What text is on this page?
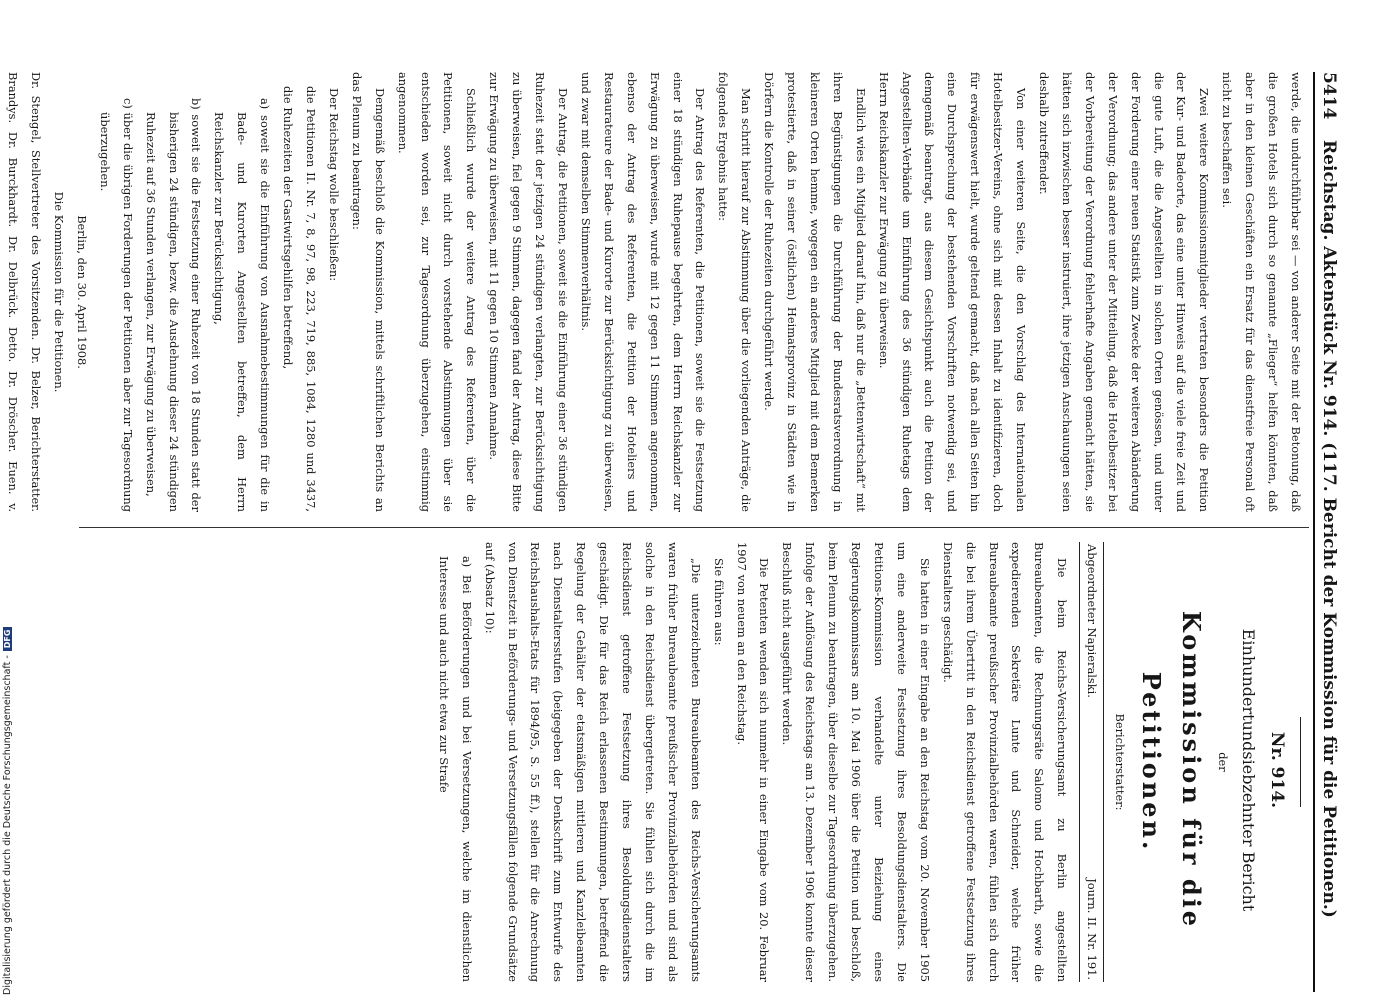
5414
Reichstag. Aktenstück Nr. 914. (117. Bericht der Kommission für die Petitionen.)

werde, die undurchführbar sei — von anderer Seite mit der Betonung, daß die großen Hotels sich durch so genannte „Flieger“ helfen könnten, daß aber in den kleinen Geschäften ein Ersatz für das dienstfreie Personal oft nicht zu beschaffen sei.

Zwei weitere Kommissionsmitglieder vertraten besonders die Petition der Kur- und Badeorte, das eine unter Hinweis auf die viele freie Zeit und die gute Luft, die die Angestellten in solchen Orten genössen, und unter der Forderung einer neuen Statistik zum Zwecke der weiteren Abänderung der Verordnung; das andere unter der Mitteilung, daß die Hotelbesitzer bei der Vorbereitung der Verordnung fehlerhafte Angaben gemacht hätten, sie hätten sich inzwischen besser instruiert, ihre jetzigen Anschauungen seien deshalb zutreffender.

Von einer weiteren Seite, die den Vorschlag des Internationalen Hotelbesitzer-Vereins, ohne sich mit dessen Inhalt zu identifizieren, doch für erwägenswert hielt, wurde geltend gemacht, daß nach allen Seiten hin eine Durchsprechung der bestehenden Vorschriften notwendig sei, und demgemäß beantragt, aus diesem Gesichtspunkt auch die Petition der Angestellten-Verbände um Einführung des 36 stündigen Ruhetags dem Herrn Reichskanzler zur Erwägung zu überweisen.

Endlich wies ein Mitglied darauf hin, daß nur die „Bettenwirtschaft“ mit ihren Begünstigungen die Durchführung der Bundesratsverordnung in kleineren Orten hemme, wogegen ein anderes Mitglied mit dem Bemerken protestierte, daß in seiner (östlichen) Heimatsprovinz in Städten wie in Dörfern die Kontrolle der Ruhezeiten durchgeführt werde.

Man schritt hierauf zur Abstimmung über die vorliegenden Anträge, die folgendes Ergebnis hatte:

Der Antrag des Referenten, die Petitionen, soweit sie die Festsetzung einer 18 stündigen Ruhepause begehrten, dem Herrn Reichskanzler zur Erwägung zu überweisen, wurde mit 12 gegen 11 Stimmen angenommen, ebenso der Antrag des Referenten, die Petition der Hoteliers und Restaurateure der Bade- und Kurorte zur Berücksichtigung zu überweisen, und zwar mit demselben Stimmenverhältnis.

Der Antrag, die Petitionen, soweit sie die Einführung einer 36 stündigen Ruhezeit statt der jetzigen 24 stündigen verlangten, zur Berücksichtigung zu überweisen, fiel gegen 9 Stimmen, dagegen fand der Antrag, diese Bitte zur Erwägung zu überweisen, mit 11 gegen 10 Stimmen Annahme.

Schließlich wurde der weitere Antrag des Referenten, über die Petitionen, soweit nicht durch vorstehende Abstimmungen über sie entschieden worden sei, zur Tagesordnung überzugehen, einstimmig angenommen.

Demgemäß beschloß die Kommission, mittels schriftlichen Berichts an das Plenum zu beantragen:

Der Reichstag wolle beschließen:

die Petitionen II. Nr. 7, 8, 97, 98, 223, 719, 885, 1084, 1280 und 3437, die Ruhezeiten der Gastwirtsgehilfen betreffend,

a) soweit sie die Einführung von Ausnahmebestimmungen für die in Bade- und Kurorten Angestellten betreffen, dem Herrn Reichskanzler zur Berücksichtigung,

b) soweit sie die Festsetzung einer Ruhezeit von 18 Stunden statt der bisherigen 24 stündigen, bezw. die Ausdehnung dieser 24 stündigen Ruhezeit auf 36 Stunden verlangen, zur Erwägung zu überweisen,

c) über die übrigen Forderungen der Petitionen aber zur Tagesordnung überzugehen.

Berlin, den 30. April 1908.

Die Kommission für die Petitionen.

Dr. Stengel, Stellvertreter des Vorsitzenden. Dr. Belzer, Berichterstatter. Brandys. Dr. Burckhardt. Dr. Delbrück. Detto. Dr. Dröscher. Euen. v.

Nr. 914.

Einhundertundsiebzehnter Bericht

der

Kommission für die Petitionen.

Berichterstatter:

Abgeordneter Napieralski.
Journ. II. Nr. 191.

Die beim Reichs-Versicherungsamt zu Berlin angestellten Bureaubeamten, die Rechnungsräte Salomo und Hochbarth, sowie die expedierenden Sekretäre Lunte und Schneider, welche früher Bureaubeamte preußischer Provinzialbehörden waren, fühlen sich durch die bei ihrem Übertritt in den Reichsdienst getroffene Festsetzung ihres Dienstalters geschädigt.

Sie hatten in einer Eingabe an den Reichstag vom 20. November 1905 um eine anderweite Festsetzung ihres Besoldungsdienstalters. Die Petitions-Kommission verhandelte unter Beiziehung eines Regierungskommissars am 10. Mai 1906 über die Petition und beschloß, beim Plenum zu beantragen, über dieselbe zur Tagesordnung überzugehen. Infolge der Auflösung des Reichstags am 13. Dezember 1906 konnte dieser Beschluß nicht ausgeführt werden.

Die Petenten wenden sich nunmehr in einer Eingabe vom 20. Februar 1907 von neuem an den Reichstag.

Sie führen aus:

„Die unterzeichneten Bureaubeamten des Reichs-Versicherungsamts waren früher Bureaubeamte preußischer Provinzialbehörden und sind als solche in den Reichsdienst übergetreten. Sie fühlen sich durch die im Reichsdienst getroffene Festsetzung ihres Besoldungsdienstalters geschädigt. Die für das Reich erlassenen Bestimmungen, betreffend die Regelung der Gehälter der etatsmäßigen mittleren und Kanzleibeamten nach Dienstaltersstufen (beigegeben der Denkschrift zum Entwurfe des Reichshaushalts-Etats für 1894/95, S. 55 ff.), stellen für die Anrechnung von Dienstzeit in Beförderungs- und Versetzungsfällen folgende Grundsätze auf (Absatz 10):

a) Bei Beförderungen und bei Versetzungen, welche im dienstlichen Interesse und auch nicht etwa zur Strafe

Digitalisierung gefördert durch die Deutsche Forschungsgemeinschaft -DFG
